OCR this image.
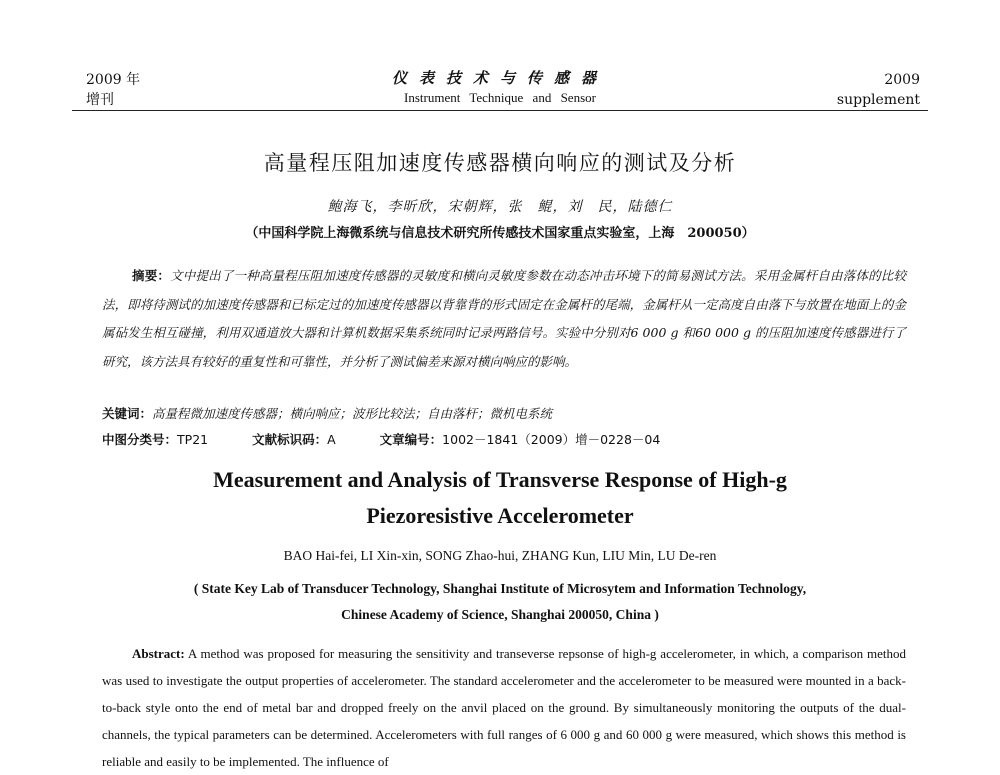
2009 年
增刊
仪表技术与传感器
Instrument Technique and Sensor
2009
supplement
高量程压阻加速度传感器横向响应的测试及分析
鲍海飞，李昕欣，宋朝辉，张　鲲，刘　民，陆德仁
（中国科学院上海微系统与信息技术研究所传感技术国家重点实验室，上海　200050）
摘要：文中提出了一种高量程压阻加速度传感器的灵敏度和横向灵敏度参数在动态冲击环境下的简易测试方法。采用金属杆自由落体的比较法，即将待测试的加速度传感器和已标定过的加速度传感器以背靠背的形式固定在金属杆的尾端，金属杆从一定高度自由落下与放置在地面上的金属砧发生相互碰撞，利用双通道放大器和计算机数据采集系统同时记录两路信号。实验中分别对6 000 g 和60 000 g 的压阻加速度传感器进行了研究，该方法具有较好的重复性和可靠性，并分析了测试偏差来源对横向响应的影响。
关键词：高量程微加速度传感器；横向响应；波形比较法；自由落杆；微机电系统
中图分类号：TP21	文献标识码：A	文章编号：1002－1841（2009）增－0228－04
Measurement and Analysis of Transverse Response of High-g
Piezoresistive Accelerometer
BAO Hai-fei, LI Xin-xin, SONG Zhao-hui, ZHANG Kun, LIU Min, LU De-ren
( State Key Lab of Transducer Technology, Shanghai Institute of Microsytem and Information Technology,
Chinese Academy of Science, Shanghai 200050, China )
Abstract: A method was proposed for measuring the sensitivity and transeverse repsonse of high-g accelerometer, in which, a comparison method was used to investigate the output properties of accelerometer. The standard accelerometer and the accelerometer to be measured were mounted in a back-to-back style onto the end of metal bar and dropped freely on the anvil placed on the ground. By simultaneously monitoring the outputs of the dual-channels, the typical parameters can be determined. Accelerometers with full ranges of 6 000 g and 60 000 g were measured, which shows this method is reliable and easily to be implemented. The influence of
